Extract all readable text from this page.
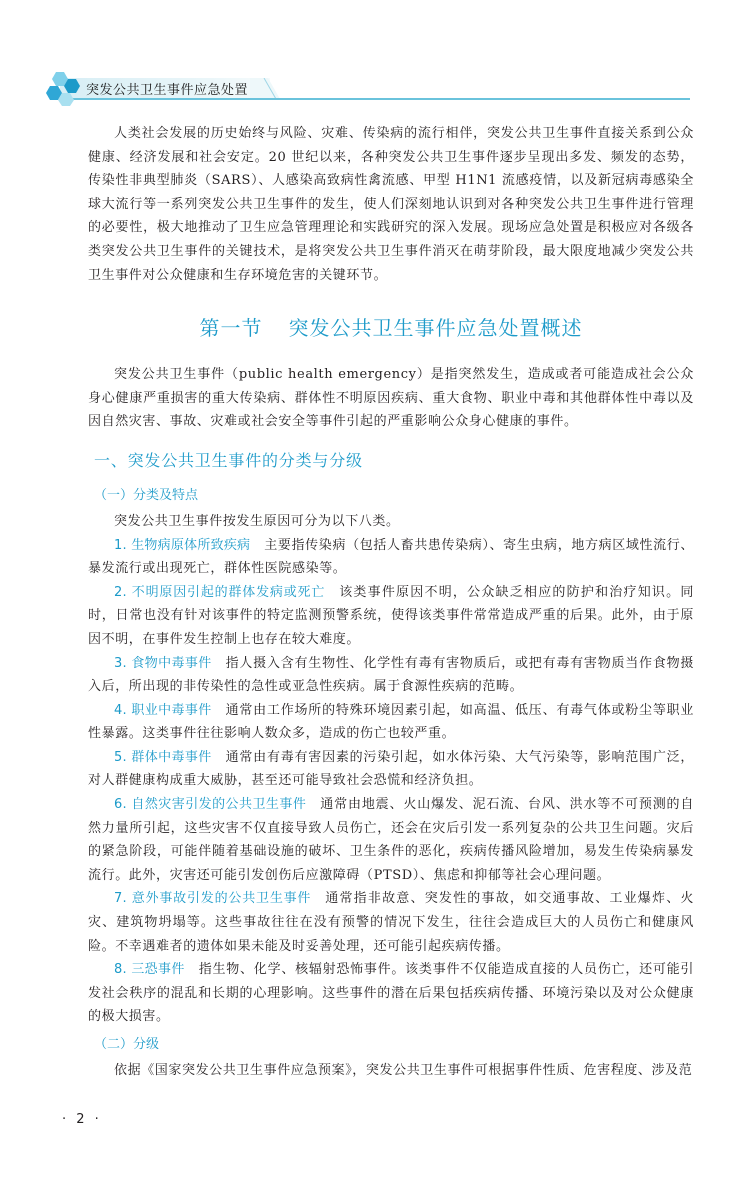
突发公共卫生事件应急处置

人类社会发展的历史始终与风险、灾难、传染病的流行相伴，突发公共卫生事件直接关系到公众健康、经济发展和社会安定。20 世纪以来，各种突发公共卫生事件逐步呈现出多发、频发的态势，传染性非典型肺炎（SARS）、人感染高致病性禽流感、甲型 H1N1 流感疫情，以及新冠病毒感染全球大流行等一系列突发公共卫生事件的发生，使人们深刻地认识到对各种突发公共卫生事件进行管理的必要性，极大地推动了卫生应急管理理论和实践研究的深入发展。现场应急处置是积极应对各级各类突发公共卫生事件的关键技术，是将突发公共卫生事件消灭在萌芽阶段，最大限度地减少突发公共卫生事件对公众健康和生存环境危害的关键环节。

第一节 突发公共卫生事件应急处置概述

突发公共卫生事件（public health emergency）是指突然发生，造成或者可能造成社会公众身心健康严重损害的重大传染病、群体性不明原因疾病、重大食物、职业中毒和其他群体性中毒以及因自然灾害、事故、灾难或社会安全等事件引起的严重影响公众身心健康的事件。

一、突发公共卫生事件的分类与分级
（一）分类及特点

突发公共卫生事件按发生原因可分为以下八类。

1. 生物病原体所致疾病 主要指传染病（包括人畜共患传染病）、寄生虫病，地方病区域性流行、暴发流行或出现死亡，群体性医院感染等。

2. 不明原因引起的群体发病或死亡 该类事件原因不明，公众缺乏相应的防护和治疗知识。同时，日常也没有针对该事件的特定监测预警系统，使得该类事件常常造成严重的后果。此外，由于原因不明，在事件发生控制上也存在较大难度。

3. 食物中毒事件 指人摄入含有生物性、化学性有毒有害物质后，或把有毒有害物质当作食物摄入后，所出现的非传染性的急性或亚急性疾病。属于食源性疾病的范畴。

4. 职业中毒事件 通常由工作场所的特殊环境因素引起，如高温、低压、有毒气体或粉尘等职业性暴露。这类事件往往影响人数众多，造成的伤亡也较严重。

5. 群体中毒事件 通常由有毒有害因素的污染引起，如水体污染、大气污染等，影响范围广泛，对人群健康构成重大威胁，甚至还可能导致社会恐慌和经济负担。

6. 自然灾害引发的公共卫生事件 通常由地震、火山爆发、泥石流、台风、洪水等不可预测的自然力量所引起，这些灾害不仅直接导致人员伤亡，还会在灾后引发一系列复杂的公共卫生问题。灾后的紧急阶段，可能伴随着基础设施的破坏、卫生条件的恶化，疾病传播风险增加，易发生传染病暴发流行。此外，灾害还可能引发创伤后应激障碍（PTSD）、焦虑和抑郁等社会心理问题。

7. 意外事故引发的公共卫生事件 通常指非故意、突发性的事故，如交通事故、工业爆炸、火灾、建筑物坍塌等。这些事故往往在没有预警的情况下发生，往往会造成巨大的人员伤亡和健康风险。不幸遇难者的遗体如果未能及时妥善处理，还可能引起疾病传播。

8. 三恐事件 指生物、化学、核辐射恐怖事件。该类事件不仅能造成直接的人员伤亡，还可能引发社会秩序的混乱和长期的心理影响。这些事件的潜在后果包括疾病传播、环境污染以及对公众健康的极大损害。

（二）分级

依据《国家突发公共卫生事件应急预案》，突发公共卫生事件可根据事件性质、危害程度、涉及范

· 2 ·
